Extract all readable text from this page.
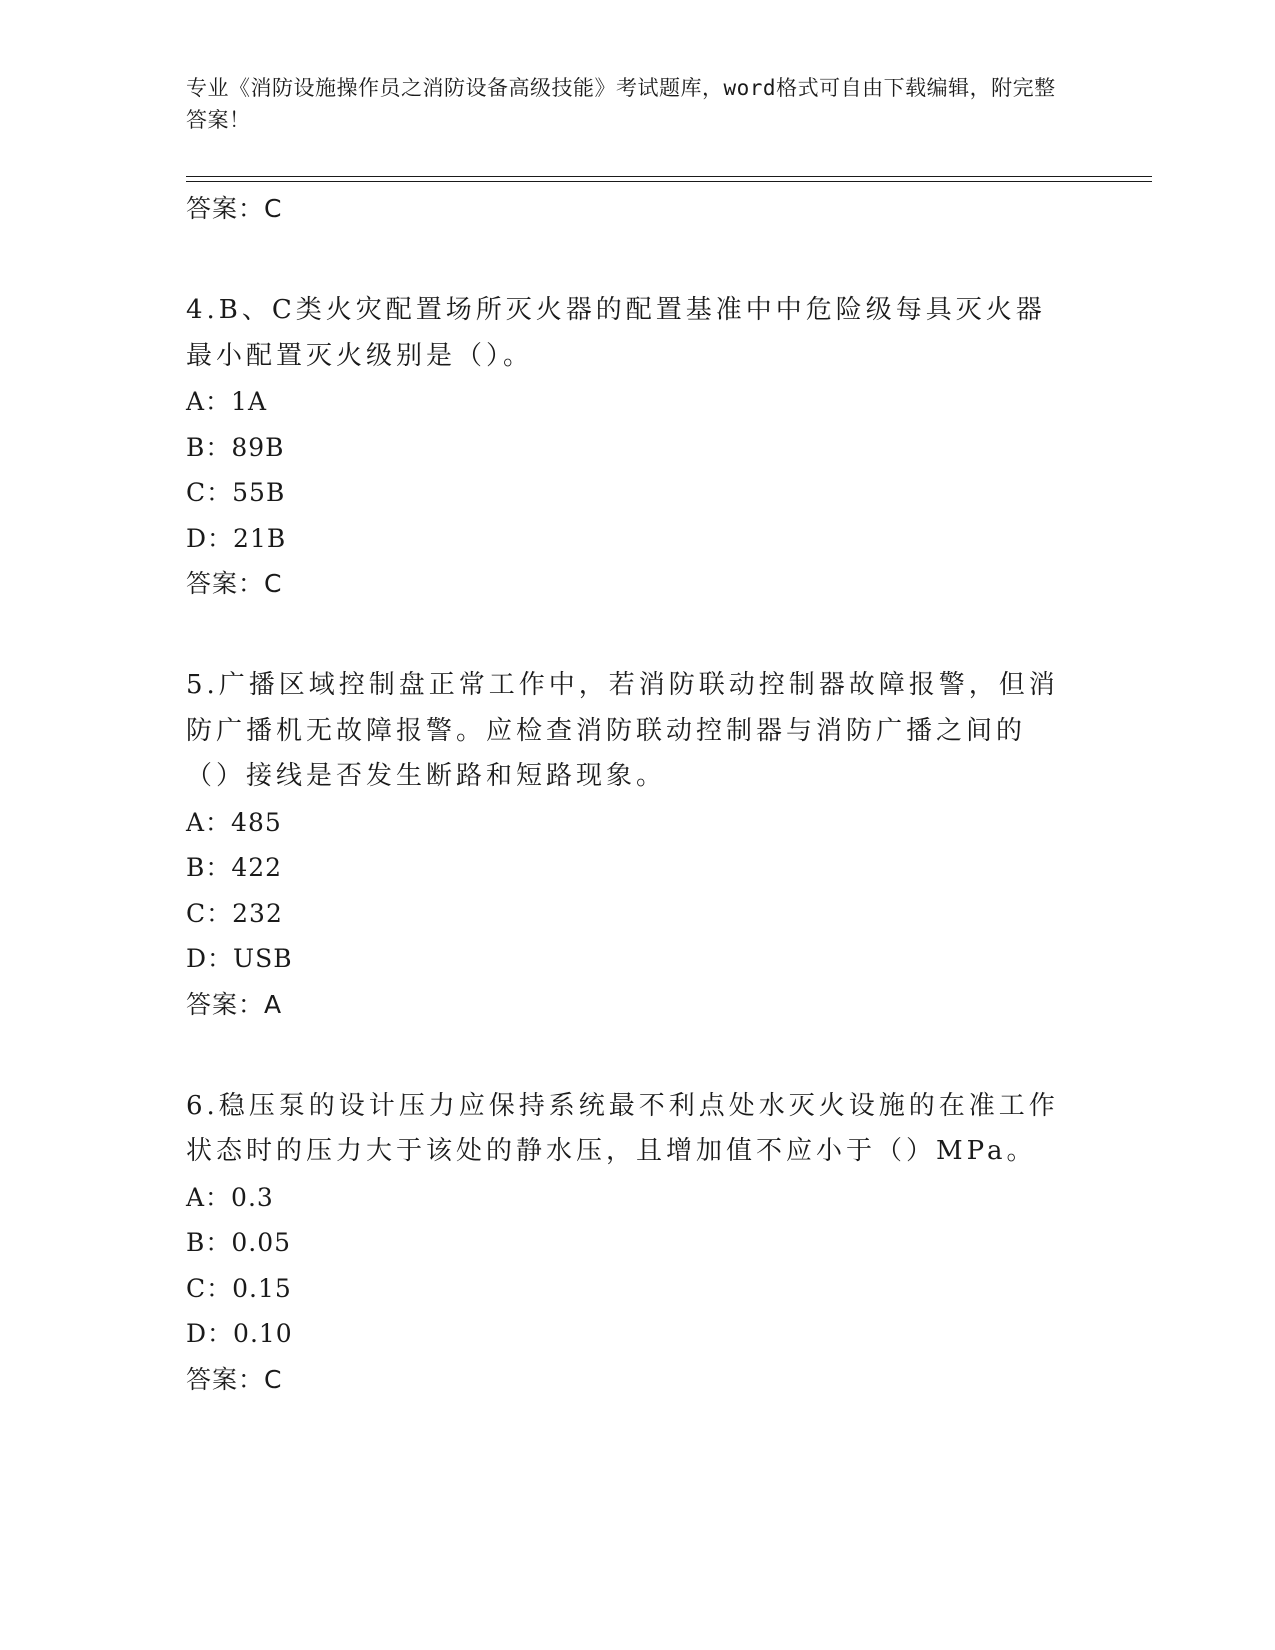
专业《消防设施操作员之消防设备高级技能》考试题库，word格式可自由下载编辑，附完整答案！
答案：C
4.B、C类火灾配置场所灭火器的配置基准中中危险级每具灭火器最小配置灭火级别是（）。
A：1A
B：89B
C：55B
D：21B
答案：C
5.广播区域控制盘正常工作中，若消防联动控制器故障报警，但消防广播机无故障报警。应检查消防联动控制器与消防广播之间的（）接线是否发生断路和短路现象。
A：485
B：422
C：232
D：USB
答案：A
6.稳压泵的设计压力应保持系统最不利点处水灭火设施的在准工作状态时的压力大于该处的静水压，且增加值不应小于（）MPa。
A：0.3
B：0.05
C：0.15
D：0.10
答案：C
